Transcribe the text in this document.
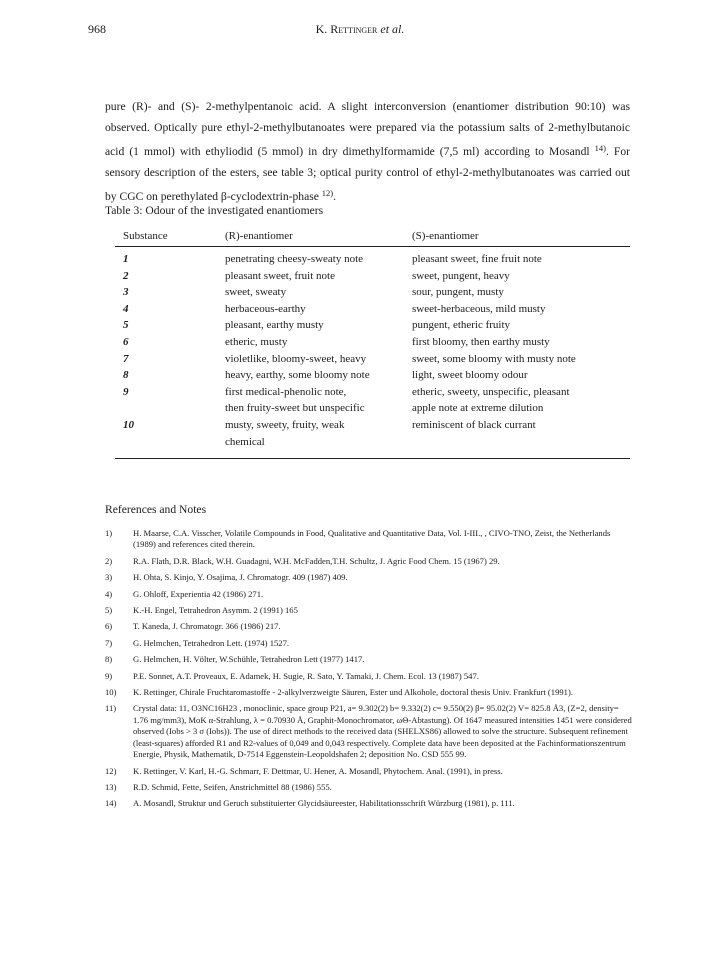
968	K. Rettinger et al.

pure (R)- and (S)- 2-methylpentanoic acid. A slight interconversion (enantiomer distribution 90:10) was observed. Optically pure ethyl-2-methylbutanoates were prepared via the potassium salts of 2-methylbutanoic acid (1 mmol) with ethyliodid (5 mmol) in dry dimethylformamide (7,5 ml) according to Mosandl $^{14)}$. For sensory description of the esters, see table 3; optical purity control of ethyl-2-methylbutanoates was carried out by CGC on perethylated β-cyclodextrin-phase $^{12)}$.

Table 3: Odour of the investigated enantiomers
Substance	(R)-enantiomer	(S)-enantiomer
1	penetrating cheesy-sweaty note	pleasant sweet, fine fruit note
2	pleasant sweet, fruit note	sweet, pungent, heavy
3	sweet, sweaty	sour, pungent, musty
4	herbaceous-earthy	sweet-herbaceous, mild musty
5	pleasant, earthy musty	pungent, etheric fruity
6	etheric, musty	first bloomy, then earthy musty
7	violetlike, bloomy-sweet, heavy	sweet, some bloomy with musty note
8	heavy, earthy, some bloomy note	light, sweet bloomy odour
9	first medical-phenolic note,	etheric, sweety, unspecific, pleasant
then fruity-sweet but unspecific	apple note at extreme dilution
10	musty, sweety, fruity, weak	reminiscent of black currant
chemical
References and Notes
1)	H. Maarse, C.A. Visscher, Volatile Compounds in Food, Qualitative and Quantitative Data, Vol. I-III., , CIVO-TNO, Zeist, the Netherlands (1989) and references cited therein.
2)	R.A. Flath, D.R. Black, W.H. Guadagni, W.H. McFadden,T.H. Schultz, J. Agric Food Chem. 15 (1967) 29.
3)	H. Ohta, S. Kinjo, Y. Osajima, J. Chromatogr. 409 (1987) 409.
4)	G. Ohloff, Experientia 42 (1986) 271.
5)	K.-H. Engel, Tetrahedron Asymm. 2 (1991) 165
6)	T. Kaneda, J. Chromatogr. 366 (1986) 217.
7)	G. Helmchen, Tetrahedron Lett. (1974) 1527.
8)	G. Helmchen, H. Völter, W.Schühle, Tetrahedron Lett (1977) 1417.
9)	P.E. Sonnet, A.T. Proveaux, E. Adamek, H. Sugie, R. Sato, Y. Tamaki, J. Chem. Ecol. 13 (1987) 547.
10)	K. Rettinger, Chirale Fruchtaromastoffe - 2-alkylverzweigte Säuren, Ester und Alkohole, doctoral thesis Univ. Frankfurt (1991).
11)	Crystal data: 11, O3NC16H23 , monoclinic, space group P21, a= 9.302(2) b= 9.332(2) c= 9.550(2) β= 95.02(2) V= 825.8 Å3, (Z=2, density= 1.76 mg/mm3), MoK α-Strahlung, λ = 0.70930 Å, Graphit-Monochromator, ωΘ-Abtastung). Of 1647 measured intensities 1451 were considered observed (Iobs > 3 σ (Iobs)). The use of direct methods to the received data (SHELXS86) allowed to solve the structure. Subsequent refinement (least-squares) afforded R1 and R2-values of 0,049 and 0,043 respectively. Complete data have been deposited at the Fachinformationszentrum Energie, Physik, Mathematik, D-7514 Eggenstein-Leopoldshafen 2; deposition No. CSD 555 99.
12)	K. Rettinger, V. Karl, H.-G. Schmarr, F. Dettmar, U. Hener, A. Mosandl, Phytochem. Anal. (1991), in press.
13)	R.D. Schmid, Fette, Seifen, Anstrichmittel 88 (1986) 555.
14)	A. Mosandl, Struktur und Geruch substituierter Glycidsäureester, Habilitationsschrift Würzburg (1981), p. 111.
